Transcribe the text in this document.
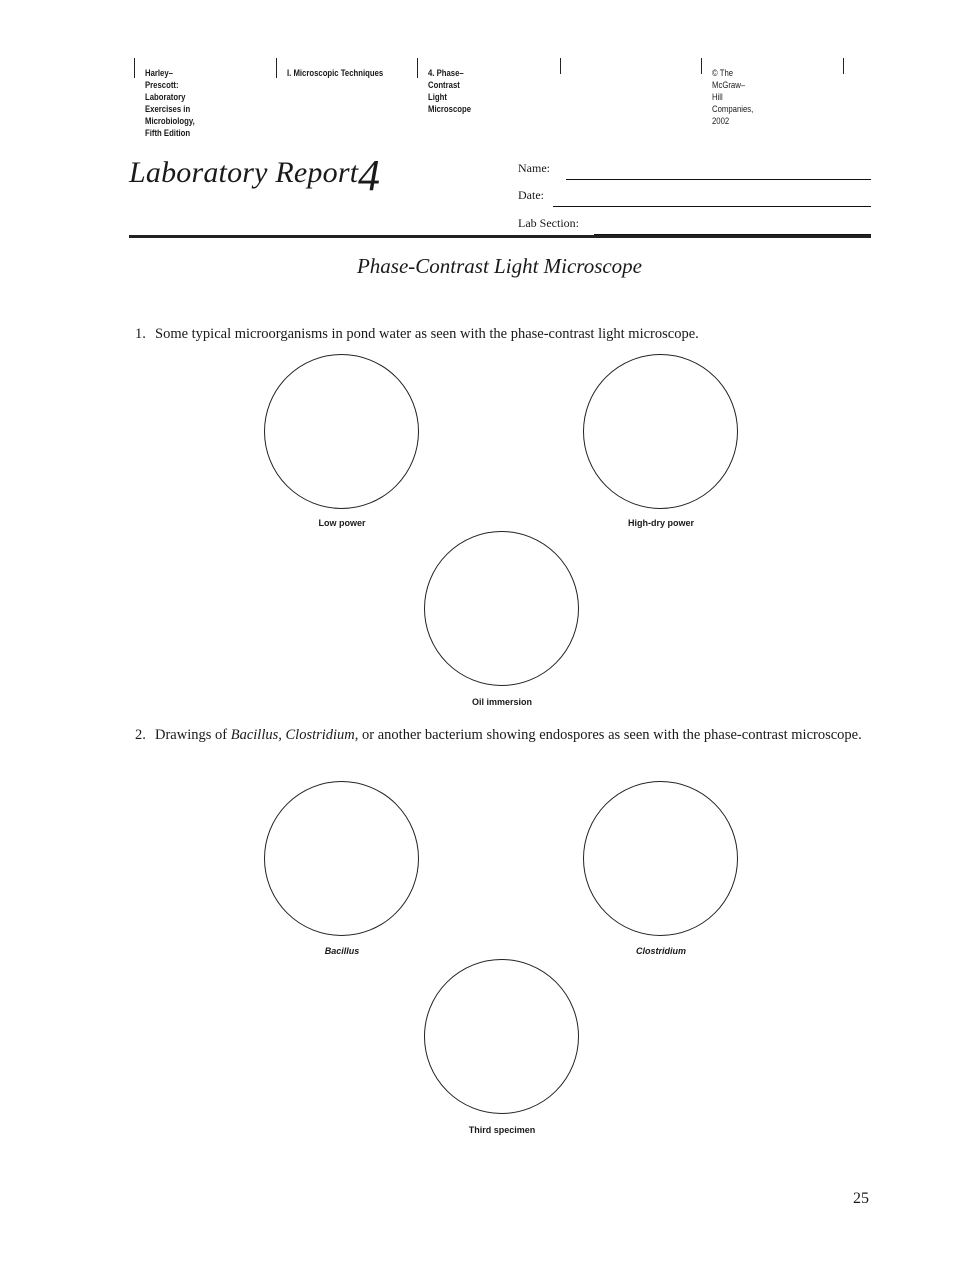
Harley–Prescott:
Laboratory Exercises in
Microbiology, Fifth Edition
I. Microscopic Techniques	4. Phase–Contrast Light
Microscope
© The McGraw–Hill
Companies, 2002
Laboratory Report 4	Name:
Date:
Lab Section:
Phase-Contrast Light Microscope
1. Some typical microorganisms in pond water as seen with the phase-contrast light microscope.
Low power	High-dry power
Oil immersion
2. Drawings of Bacillus, Clostridium, or another bacterium showing endospores as seen with the phase-contrast microscope.
Bacillus	Clostridium
Third specimen
25
